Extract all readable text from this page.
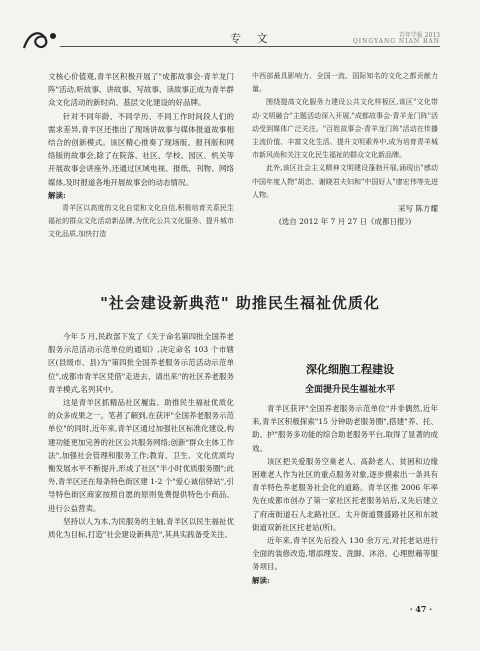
专 文	青年学报 2013
QINGYANG NIAN BAN

文核心价值观,青羊区积极开展了"成都故事会·青羊龙门阵"活动,听故事、讲故事、写故事、读故事正成为青羊群众文化活动的新时尚、基层文化建设的好品牌。

针对不同年龄、不同学历、不同工作时间段人们的需求差异,青羊区还推出了现场讲故事与媒体报道故事相结合的创新模式。该区精心推奏了现场版、报刊版和网络版的故事会,除了在院落、社区、学校、园区、机关等开展故事会讲座外,还通过区域电视、报纸、刊物、网络媒体,及时报道各地开展故事会的动态情况。

解读:

青羊区以高度的文化自觉和文化自信,积极培育关系民生福祉的群众文化活动新品牌,为优化公共文化服务、提升城市文化品质,加快打造

中西部最具影响力、全国一流、国际知名的文化之都贡献力量。

围绕提高文化服务力建设公共文化样板区,该区"文化带动·文明融合"主题活动深入开展,"成都故事会·青羊龙门阵"活动受到媒体广泛关注。"百姓故事会·青羊龙门阵"活动在传播主流价值、丰富文化生活、提升文明素养中,成为培育青羊城市新风尚和关注文化民生福祉的群众文化新品牌。

此外,该区社会主义精神文明建设蓬勃开展,涌现出"感动中国年度人物"胡忠、谢晓君夫妇和"中国好人"廖宏伟等先进人物。

采写 陈方耀

(选自 2012 年 7 月 27 日《成都日报》)

"社会建设新典范" 助推民生福祉优质化

今年 5 月,民政部下发了《关于命名第四批全国养老服务示范活动示范单位的通知》,决定命名 103 个市辖区(县级市、县)为"第四批全国养老服务示范活动示范单位",成都市青羊区凭借"走进去、请出来"的社区养老服务青羊模式,名列其中。

这是青羊区抓精品社区履监、助推民生福祉优质化的众多成果之一。笔者了解到,在获评"全国养老服务示范单位"的同时,近年来,青羊区通过加强社区标准化建设,构建功能更加完善的社区公共服务网络;创新"群众主体工作法",加强社会管理和服务工作;教育、卫生、文化优质均衡发展水平不断提升,形成了社区"半小时优质服务圈";此外,青羊区还在每条特色街区建 1-2 个"爱心诚信驿站",引导特色街区商家按照自愿的原则免费提供特色小商品、进行公益营卖。

坚持以人为本,为民服务的主轴,青羊区以民生福祉优质化为目标,打造"社会建设新典范",其具实践备受关注。

深化细胞工程建设
全面提升民生福祉水平

青羊区获评"全国养老服务示范单位"并非偶然,近年来,青羊区积极探索"15 分钟助老服务圈",搭建"养、托、助、护"服务多功能的综合助老服务平台,取得了显著的成效。

该区把关爱服务空巢老人、高龄老人、贫困和边缘困难老人作为社区的重点服务对象,逐步摸索出一条具有青羊特色养老服务社会化的道路。青羊区推 2006 年率先在成都市创办了第一家社区托老服务站后,又先后建立了府南街道石人北路社区、太升街道暨盛路社区和东坡街道双新社区托老站(所)。

近年来,青羊区先后投入 130 余万元,对托老站进行全面的装修改造,增添理发、洗脚、沐浴、心理慰藉等服务项目。

解读:

· 47 ·
